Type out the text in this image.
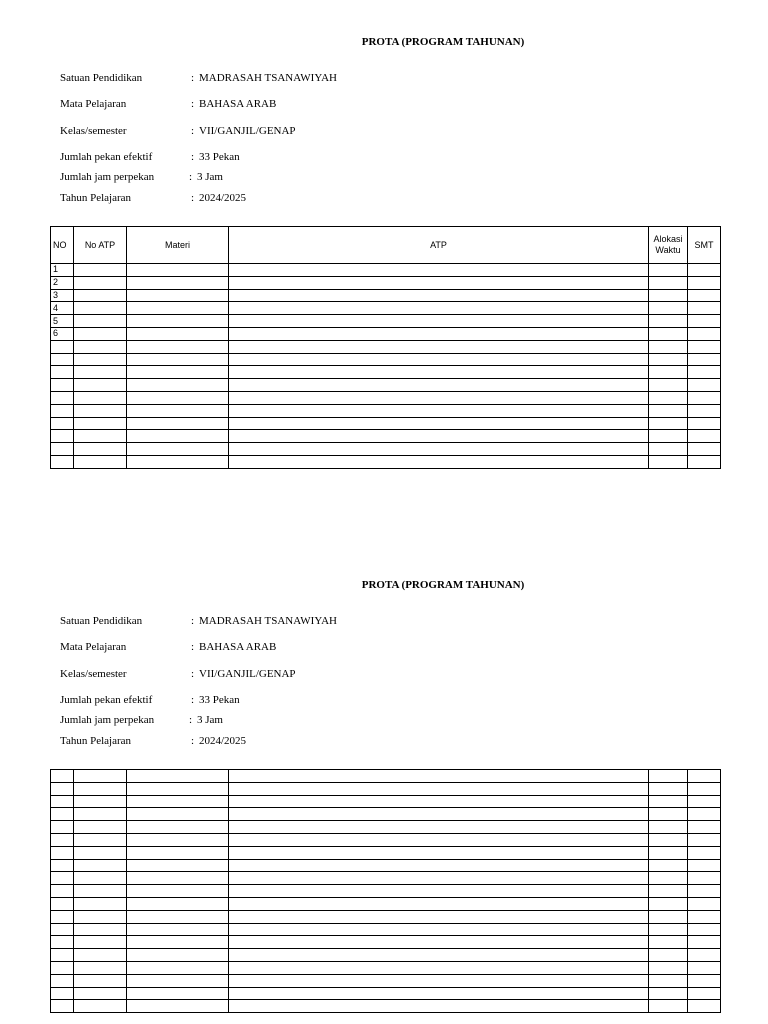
PROTA (PROGRAM TAHUNAN)
Satuan Pendidikan	: MADRASAH TSANAWIYAH
Mata Pelajaran	: BAHASA ARAB
Kelas/semester	: VII/GANJIL/GENAP
Jumlah pekan efektif	: 33 Pekan
Jumlah jam perpekan	: 3 Jam
Tahun Pelajaran	: 2024/2025
NO	No ATP	Materi	ATP	Alokasi Waktu	SMT
1					
2					
3					
4					
5					
6					

PROTA (PROGRAM TAHUNAN)
Satuan Pendidikan	: MADRASAH TSANAWIYAH
Mata Pelajaran	: BAHASA ARAB
Kelas/semester	: VII/GANJIL/GENAP
Jumlah pekan efektif	: 33 Pekan
Jumlah jam perpekan	: 3 Jam
Tahun Pelajaran	: 2024/2025
